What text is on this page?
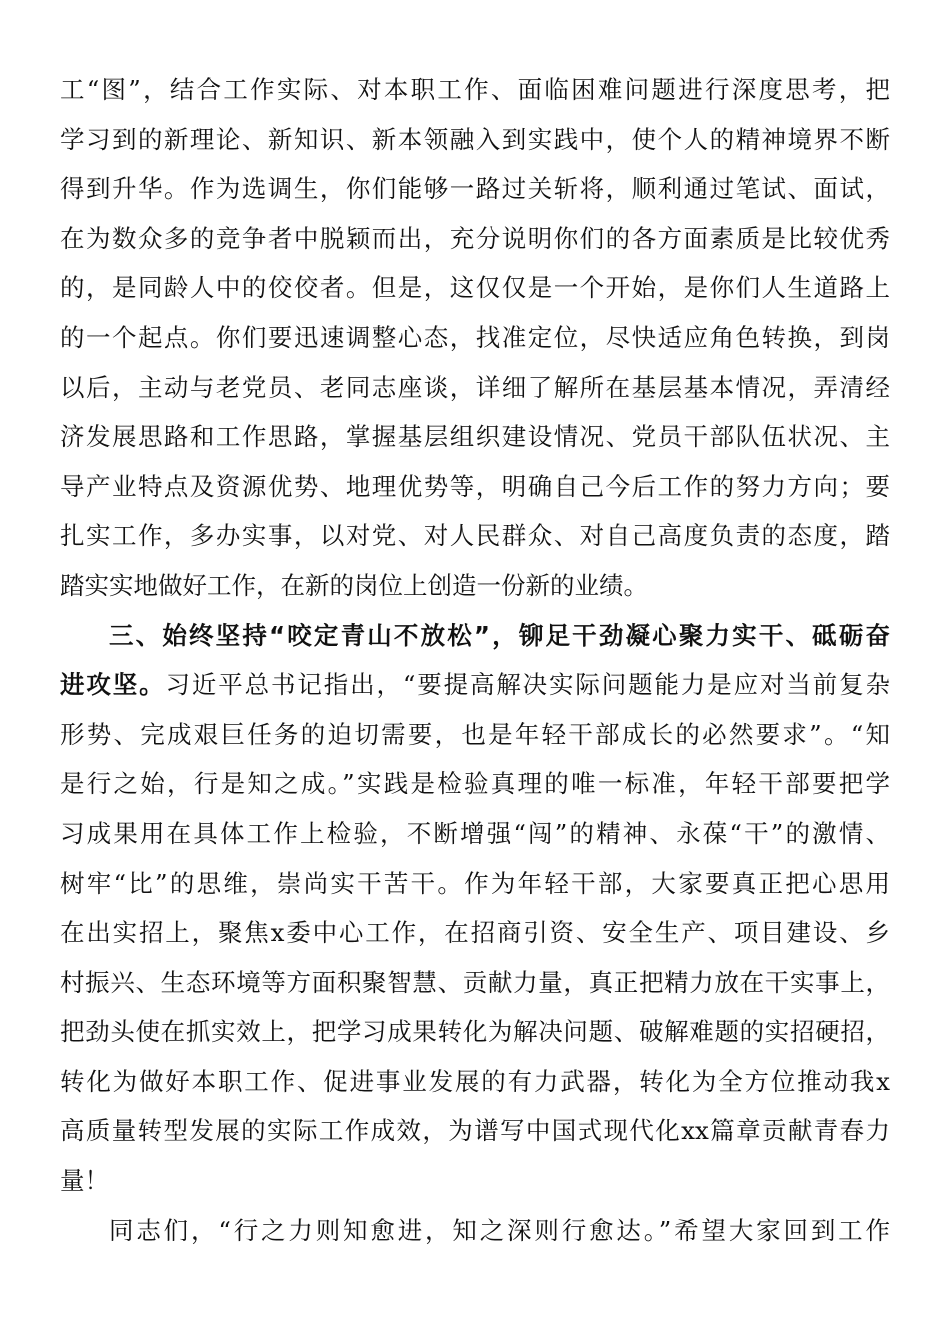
工“图”，结合工作实际、对本职工作、面临困难问题进行深度思考，把
学习到的新理论、新知识、新本领融入到实践中，使个人的精神境界不断
得到升华。作为选调生，你们能够一路过关斩将，顺利通过笔试、面试，
在为数众多的竞争者中脱颖而出，充分说明你们的各方面素质是比较优秀
的，是同龄人中的佼佼者。但是，这仅仅是一个开始，是你们人生道路上
的一个起点。你们要迅速调整心态，找准定位，尽快适应角色转换，到岗
以后，主动与老党员、老同志座谈，详细了解所在基层基本情况，弄清经
济发展思路和工作思路，掌握基层组织建设情况、党员干部队伍状况、主
导产业特点及资源优势、地理优势等，明确自己今后工作的努力方向；要
扎实工作，多办实事，以对党、对人民群众、对自己高度负责的态度，踏
踏实实地做好工作，在新的岗位上创造一份新的业绩。
三、始终坚持“咬定青山不放松”，铆足干劲凝心聚力实干、砥砺奋
进攻坚。习近平总书记指出，“要提高解决实际问题能力是应对当前复杂
形势、完成艰巨任务的迫切需要，也是年轻干部成长的必然要求”。“知
是行之始，行是知之成。”实践是检验真理的唯一标准，年轻干部要把学
习成果用在具体工作上检验，不断增强“闯”的精神、永葆“干”的激情、
树牢“比”的思维，崇尚实干苦干。作为年轻干部，大家要真正把心思用
在出实招上，聚焦x委中心工作，在招商引资、安全生产、项目建设、乡
村振兴、生态环境等方面积聚智慧、贡献力量，真正把精力放在干实事上，
把劲头使在抓实效上，把学习成果转化为解决问题、破解难题的实招硬招，
转化为做好本职工作、促进事业发展的有力武器，转化为全方位推动我x
高质量转型发展的实际工作成效，为谱写中国式现代化xx篇章贡献青春力
量！
同志们，“行之力则知愈进，知之深则行愈达。”希望大家回到工作
